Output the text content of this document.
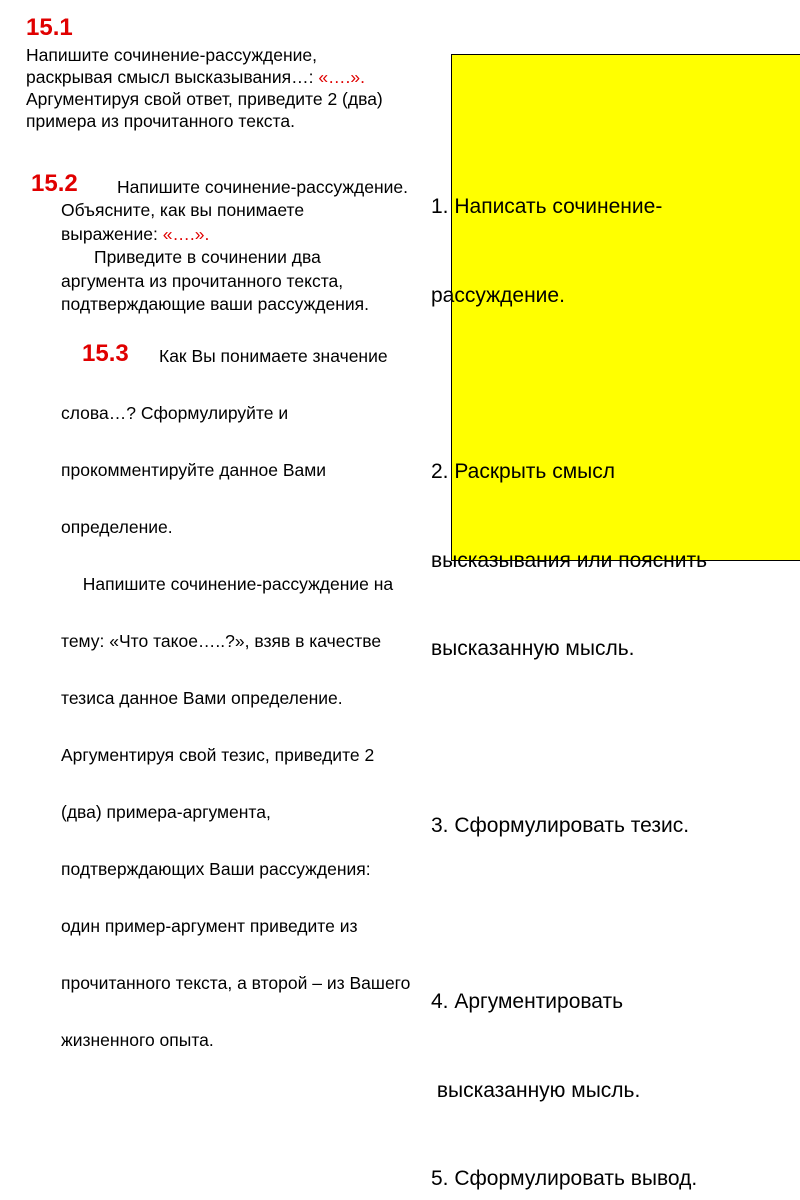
15.1
Напишите сочинение-рассуждение,
раскрывая смысл высказывания…: «….».
Аргументируя свой ответ, приведите 2 (два)
примера из прочитанного текста.
15.2 Напишите сочинение-рассуждение.
Объясните, как вы понимаете
выражение: «….».
Приведите в сочинении два
аргумента из прочитанного текста,
подтверждающие ваши рассуждения.
15.3 Как Вы понимаете значение

слова…? Сформулируйте и

прокомментируйте данное Вами

определение.

Напишите сочинение-рассуждение на

тему: «Что такое…..?», взяв в качестве

тезиса данное Вами определение.

Аргументируя свой тезис, приведите 2

(два) примера-аргумента,

подтверждающих Ваши рассуждения:

один пример-аргумент приведите из

прочитанного текста, а второй – из Вашего

жизненного опыта.

1. Написать сочинение-

рассуждение.

2. Раскрыть смысл

высказывания или пояснить

высказанную мысль.

3. Сформулировать тезис.

4. Аргументировать

высказанную мысль.

5. Сформулировать вывод.
